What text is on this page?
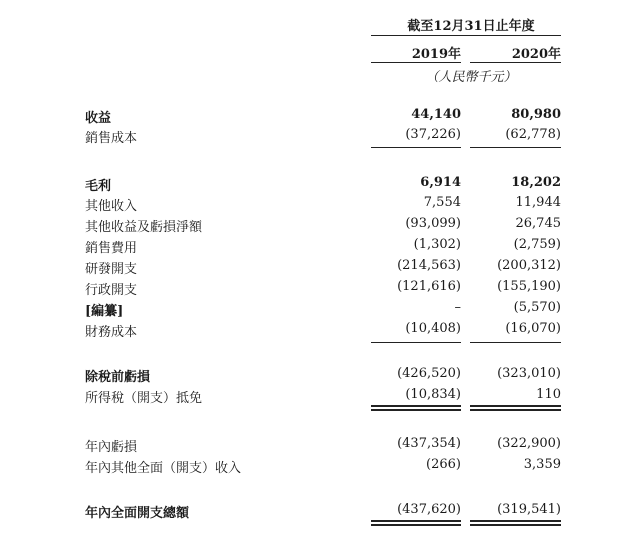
截至12月31日止年度
2019年	2020年
（人民幣千元）
收益	44,140	80,980
銷售成本	(37,226)	(62,778)
毛利	6,914	18,202
其他收入	7,554	11,944
其他收益及虧損淨額	(93,099)	26,745
銷售費用	(1,302)	(2,759)
研發開支	(214,563)	(200,312)
行政開支	(121,616)	(155,190)
[編纂]	–	(5,570)
財務成本	(10,408)	(16,070)
除稅前虧損	(426,520)	(323,010)
所得稅（開支）抵免	(10,834)	110
年內虧損	(437,354)	(322,900)
年內其他全面（開支）收入	(266)	3,359
年內全面開支總額	(437,620)	(319,541)
